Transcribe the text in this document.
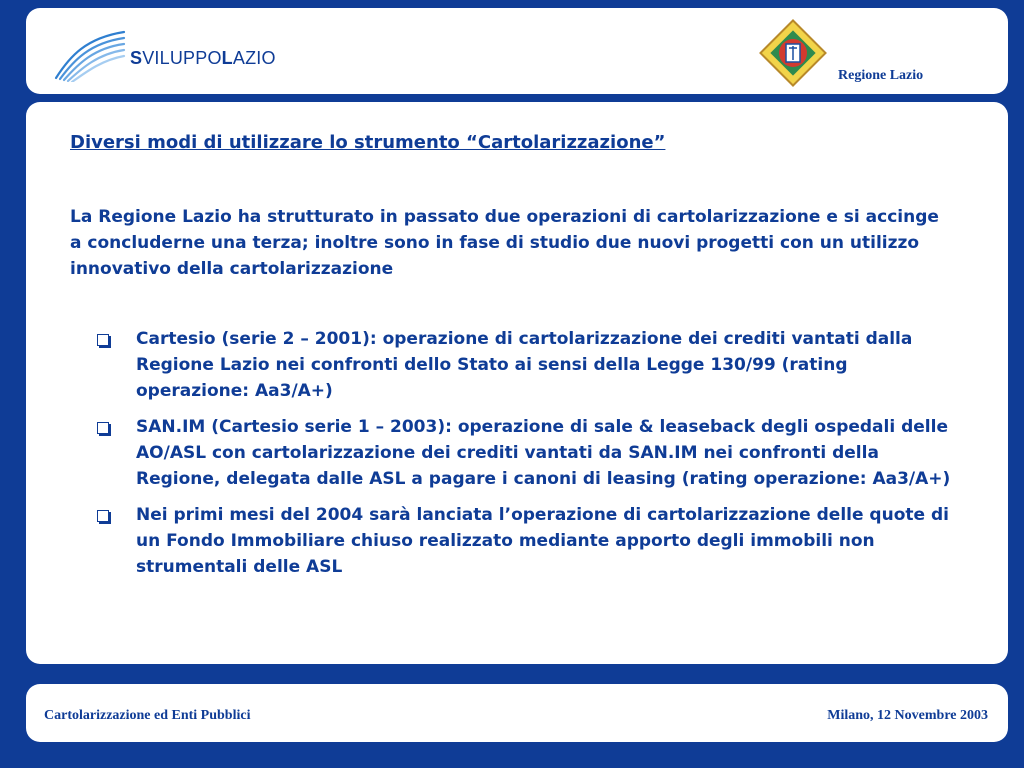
SVILUPPOLAZIO
Regione Lazio
Diversi modi di utilizzare lo strumento “Cartolarizzazione”

La Regione Lazio ha strutturato in passato due operazioni di cartolarizzazione e si accinge a concluderne una terza; inoltre sono in fase di studio due nuovi progetti con un utilizzo innovativo della cartolarizzazione

Cartesio (serie 2 – 2001): operazione di cartolarizzazione dei crediti vantati dalla Regione Lazio nei confronti dello Stato ai sensi della Legge 130/99 (rating operazione: Aa3/A+)
SAN.IM (Cartesio serie 1 – 2003): operazione di sale & leaseback degli ospedali delle AO/ASL con cartolarizzazione dei crediti vantati da SAN.IM nei confronti della Regione, delegata dalle ASL a pagare i canoni di leasing (rating operazione: Aa3/A+)
Nei primi mesi del 2004 sarà lanciata l’operazione di cartolarizzazione delle quote di un Fondo Immobiliare chiuso realizzato mediante apporto degli immobili non strumentali delle ASL
Cartolarizzazione ed Enti Pubblici	Milano, 12 Novembre 2003
